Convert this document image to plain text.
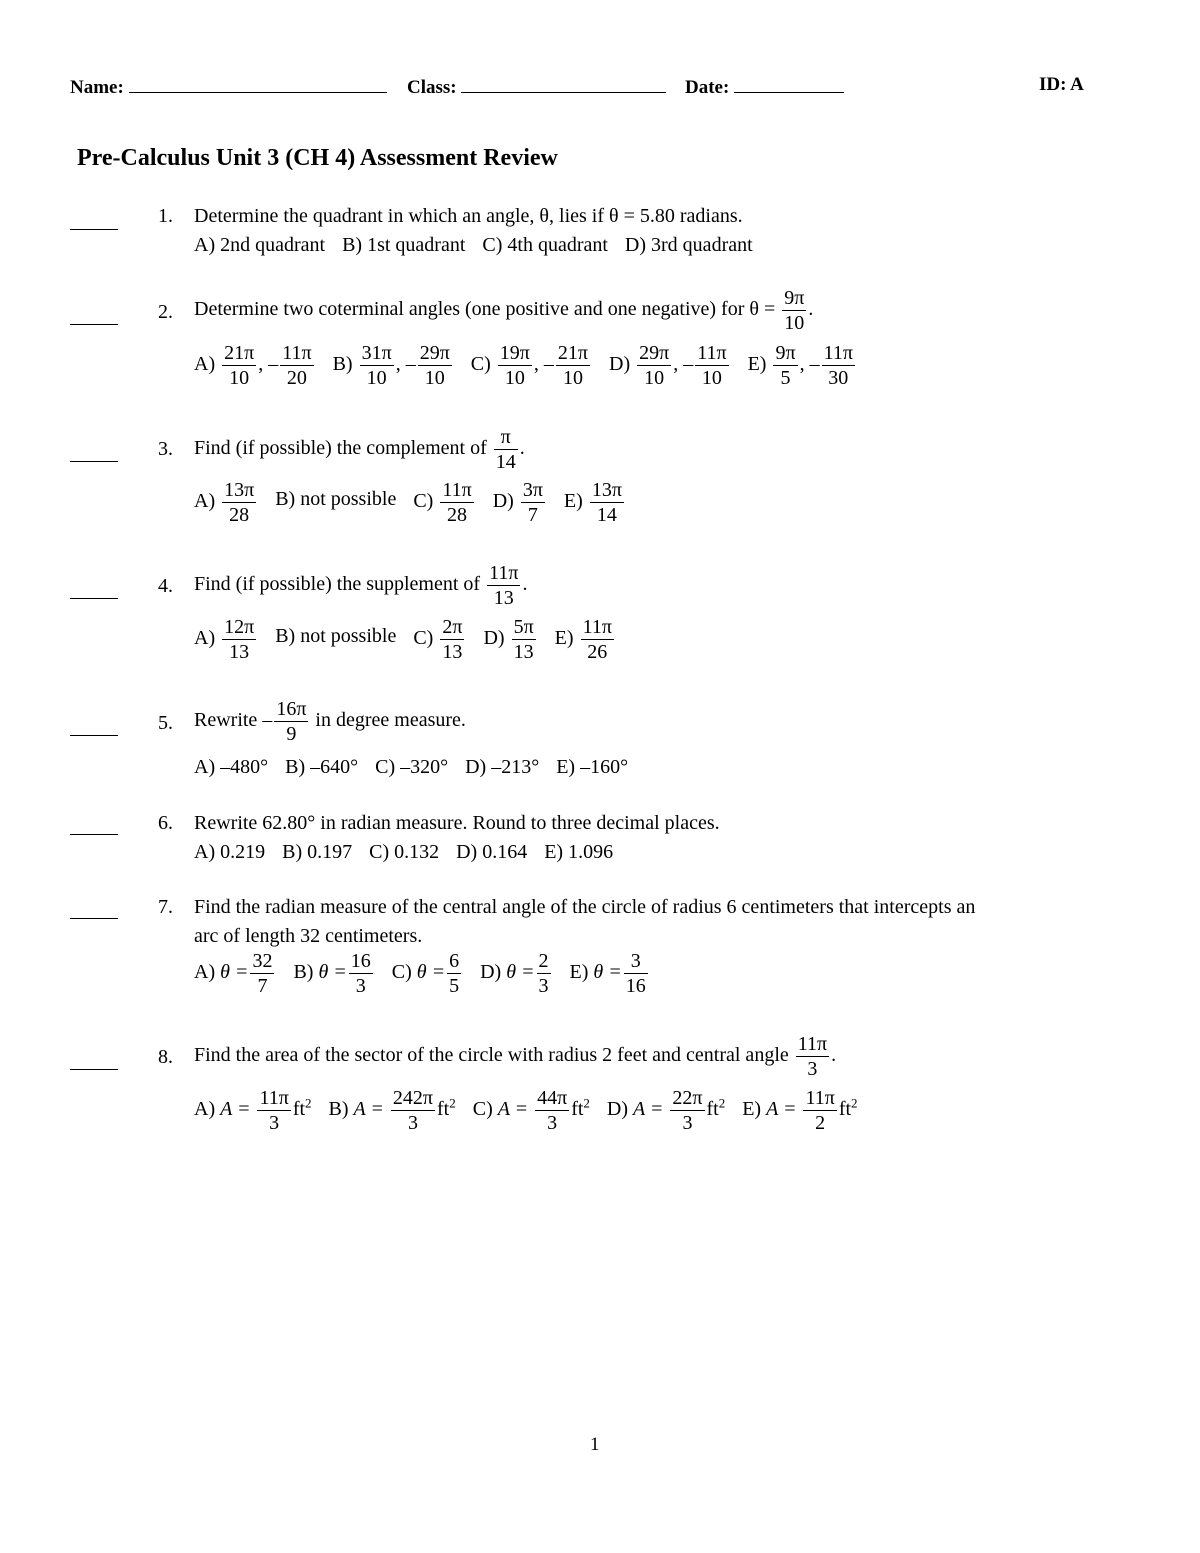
Name:	Class:	Date:	ID: A
Pre-Calculus Unit 3 (CH 4) Assessment Review
1. Determine the quadrant in which an angle, θ, lies if θ = 5.80 radians.
A) 2nd quadrant B) 1st quadrant C) 4th quadrant D) 3rd quadrant
2. Determine two coterminal angles (one positive and one negative) for $\theta = \frac{9\pi}{10}$ .
$A) \frac{21\pi}{10}$ , – $\frac{11\pi}{20} B) \frac{31\pi}{10}$ , – $\frac{29\pi}{10} C) \frac{19\pi}{10}$ , – $\frac{21\pi}{10} D) \frac{29\pi}{10}$ , – $\frac{11\pi}{10} E) \frac{9\pi}{5}$ , – $\frac{11\pi}{30}$
3. Find (if possible) the complement of $\frac{\pi}{14}$ .
$A) \frac{13\pi}{28} B$) not possible $C) \frac{11\pi}{28} D) \frac{3\pi}{7} E) \frac{13\pi}{14}$
4. Find (if possible) the supplement of $\frac{11\pi}{13}$ .
$A) \frac{12\pi}{13} B$) not possible $C) \frac{2\pi}{13} D) \frac{5\pi}{13} E) \frac{11\pi}{26}$
5. Rewrite – $\frac{16\pi}{9}$ in degree measure.
A) –480° B) –640° C) –320° D) –213° E) –160°
6. Rewrite 62.80° in radian measure. Round to three decimal places.
A) 0.219 B) 0.197 C) 0.132 D) 0.164 E) 1.096
7. Find the radian measure of the central angle of the circle of radius 6 centimeters that intercepts an
arc of length 32 centimeters.
A) $\theta = \frac{32}{7} B$) $\theta = \frac{16}{3} C$) $\theta = \frac{6}{5} D$) $\theta = \frac{2}{3} E$) $\theta = \frac{3}{16}$
8. Find the area of the sector of the circle with radius 2 feet and central angle $\frac{11\pi}{3}$ .
A) $A = \frac{11\pi}{3} ft^2$ B) $A = \frac{242\pi}{3} ft^2$ C) $A = \frac{44\pi}{3} ft^2$ D) $A = \frac{22\pi}{3} ft^2$ E) $A = \frac{11\pi}{2} ft^2$
1
